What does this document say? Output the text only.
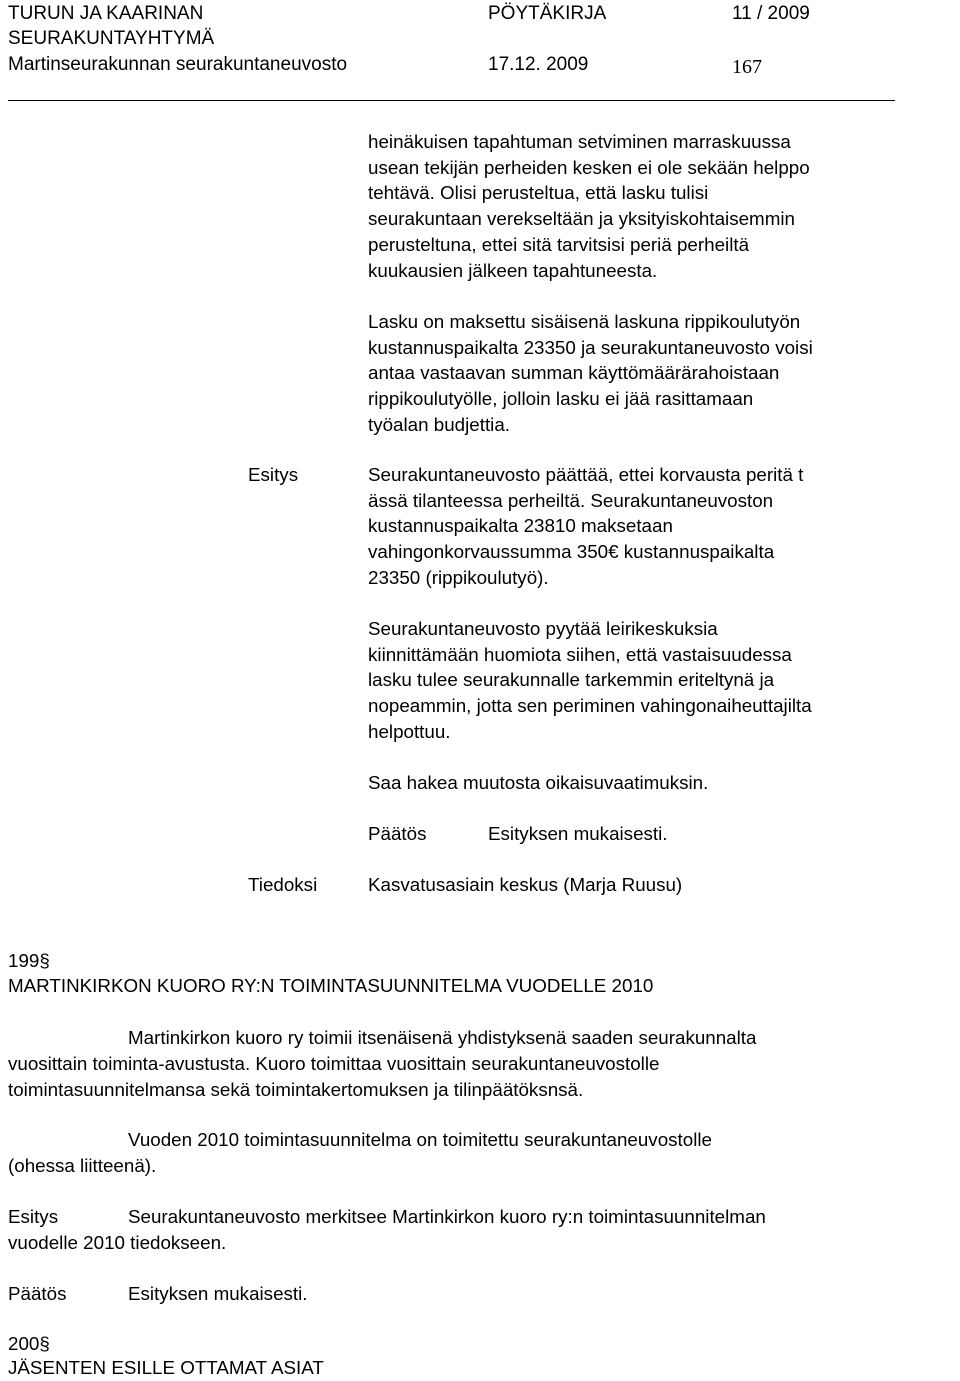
TURUN JA KAARINAN
SEURAKUNTAYHTYMÄ
Martinseurakunnan seurakuntaneuvosto
PÖYTÄKIRJA	11 / 2009
17.12. 2009	167
heinäkuisen tapahtuman setviminen marraskuussa
usean tekijän perheiden kesken ei ole sekään helppo
tehtävä. Olisi perusteltua, että lasku tulisi
seurakuntaan verekseltään ja yksityiskohtaisemmin
perusteltuna, ettei sitä tarvitsisi periä perheiltä
kuukausien jälkeen tapahtuneesta.
Lasku on maksettu sisäisenä laskuna rippikoulutyön
kustannuspaikalta 23350 ja seurakuntaneuvosto voisi
antaa vastaavan summan käyttömäärärahoistaan
rippikoulutyölle, jolloin lasku ei jää rasittamaan
työalan budjettia.
Esitys	Seurakuntaneuvosto päättää, ettei korvausta peritä t
ässä tilanteessa perheiltä. Seurakuntaneuvoston
kustannuspaikalta 23810 maksetaan
vahingonkorvaussumma 350€ kustannuspaikalta
23350 (rippikoulutyö).
Seurakuntaneuvosto pyytää leirikeskuksia
kiinnittämään huomiota siihen, että vastaisuudessa
lasku tulee seurakunnalle tarkemmin eriteltynä ja
nopeammin, jotta sen periminen vahingonaiheuttajilta
helpottuu.
Saa hakea muutosta oikaisuvaatimuksin.
Päätös	Esityksen mukaisesti.
Tiedoksi	Kasvatusasiain keskus (Marja Ruusu)
199§
MARTINKIRKON KUORO RY:N TOIMINTASUUNNITELMA VUODELLE 2010
Martinkirkon kuoro ry toimii itsenäisenä yhdistyksenä saaden seurakunnalta
vuosittain toiminta-avustusta. Kuoro toimittaa vuosittain seurakuntaneuvostolle
toimintasuunnitelmansa sekä toimintakertomuksen ja tilinpäätöksnsä.
Vuoden 2010 toimintasuunnitelma on toimitettu seurakuntaneuvostolle
(ohessa liitteenä).
Esitys	Seurakuntaneuvosto merkitsee Martinkirkon kuoro ry:n toimintasuunnitelman
vuodelle 2010 tiedokseen.
Päätös	Esityksen mukaisesti.
200§
JÄSENTEN ESILLE OTTAMAT ASIAT
